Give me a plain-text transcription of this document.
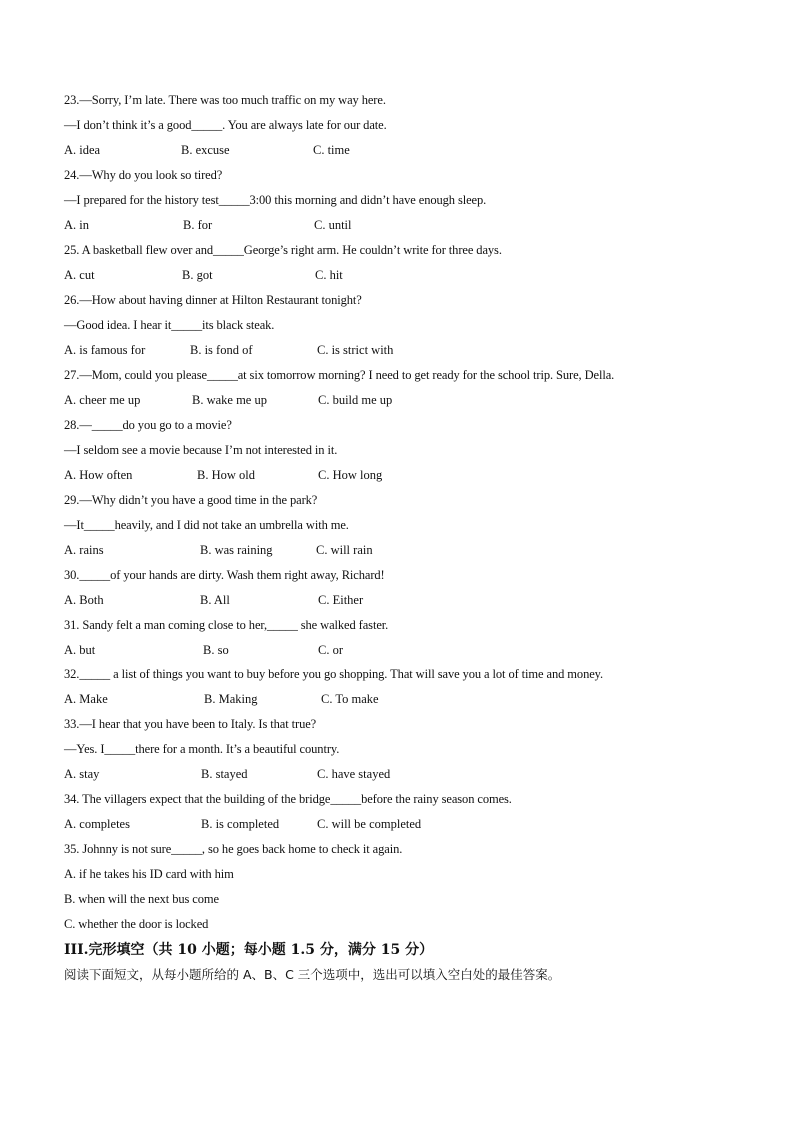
23.—Sorry, I’m late. There was too much traffic on my way here.
—I don’t think it’s a good_____. You are always late for our date.
A. idea	B. excuse	C. time
24.—Why do you look so tired?
—I prepared for the history test_____3:00 this morning and didn’t have enough sleep.
A. in	B. for	C. until
25. A basketball flew over and_____George’s right arm. He couldn’t write for three days.
A. cut	B. got	C. hit
26.—How about having dinner at Hilton Restaurant tonight?
—Good idea. I hear it_____its black steak.
A. is famous for	B. is fond of	C. is strict with
27.—Mom, could you please_____at six tomorrow morning? I need to get ready for the school trip. Sure, Della.
A. cheer me up	B. wake me up	C. build me up
28.—_____do you go to a movie?
—I seldom see a movie because I’m not interested in it.
A. How often	B. How old	C. How long
29.—Why didn’t you have a good time in the park?
—It_____heavily, and I did not take an umbrella with me.
A. rains	B. was raining	C. will rain
30._____of your hands are dirty. Wash them right away, Richard!
A. Both	B. All	C. Either
31. Sandy felt a man coming close to her,_____ she walked faster.
A. but	B. so	C. or
32._____ a list of things you want to buy before you go shopping. That will save you a lot of time and money.
A. Make	B. Making	C. To make
33.—I hear that you have been to Italy. Is that true?
—Yes. I_____there for a month. It’s a beautiful country.
A. stay	B. stayed	C. have stayed
34. The villagers expect that the building of the bridge_____before the rainy season comes.
A. completes	B. is completed	C. will be completed
35. Johnny is not sure_____, so he goes back home to check it again.
A. if he takes his ID card with him
B. when will the next bus come
C. whether the door is locked
III.完形填空（共 10 小题；每小题 1.5 分，满分 15 分）
阅读下面短文，从每小题所给的 A、B、C 三个选项中，选出可以填入空白处的最佳答案。
